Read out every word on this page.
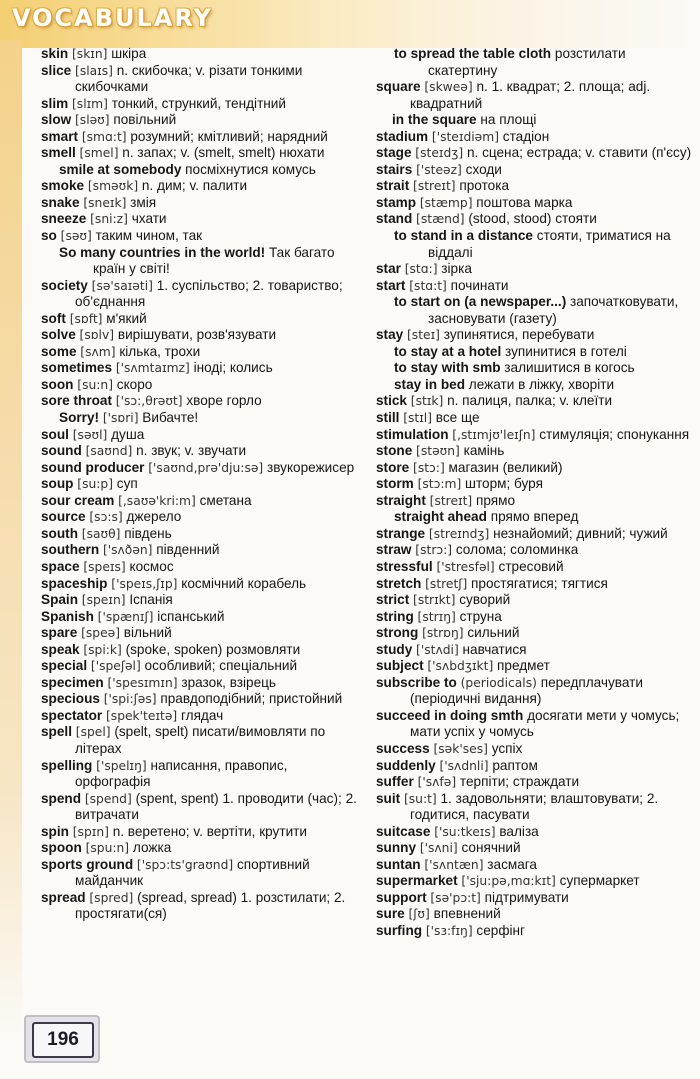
VOCABULARY

skin [skɪn] шкіра

slice [slaɪs] n. скибочка; v. різати тонкими скибочками

slim [slɪm] тонкий, стрункий, тендітний

slow [sləʊ] повільний

smart [smɑ:t] розумний; кмітливий; нарядний

smell [smel] n. запах; v. (smelt, smelt) нюхати

smile at somebody посміхнутися комусь

smoke [sməʊk] n. дим; v. палити

snake [sneɪk] змія

sneeze [sni:z] чхати

so [səʊ] таким чином, так

So many countries in the world! Так багато країн у світі!

society [sə'saɪəti] 1. суспільство; 2. товариство; об'єднання

soft [sɒft] м'який

solve [sɒlv] вирішувати, розв'язувати

some [sʌm] кілька, трохи

sometimes ['sʌmtaɪmz] іноді; колись

soon [su:n] скоро

sore throat ['sɔ:,θrəʊt] хворе горло

Sorry! ['sɒri] Вибачте!

soul [səʊl] душа

sound [saʊnd] n. звук; v. звучати

sound producer ['saʊnd,prə'dju:sə] звукорежисер

soup [su:p] суп

sour cream [,saʊə'kri:m] сметана

source [sɔ:s] джерело

south [saʊθ] південь

southern ['sʌðən] південний

space [speɪs] космос

spaceship ['speɪs,ʃɪp] космічний корабель

Spain [speɪn] Іспанія

Spanish ['spænɪʃ] іспанський

spare [speə] вільний

speak [spi:k] (spoke, spoken) розмовляти

special ['speʃəl] особливий; спеціальний

specimen ['spesɪmɪn] зразок, взірець

specious ['spi:ʃəs] правдоподібний; пристойний

spectator [spek'teɪtə] глядач

spell [spel] (spelt, spelt) писати/вимовляти по літерах

spelling ['spelɪŋ] написання, правопис, орфографія

spend [spend] (spent, spent) 1. проводити (час); 2. витрачати

spin [spɪn] n. веретено; v. вертіти, крутити

spoon [spu:n] ложка

sports ground ['spɔ:ts'graʊnd] спортивний майданчик

spread [spred] (spread, spread) 1. розстилати; 2. простягати(ся)

to spread the table cloth розстилати скатертину

square [skweə] n. 1. квадрат; 2. площа; adj. квадратний

in the square на площі

stadium ['steɪdiəm] стадіон

stage [steɪdʒ] n. сцена; естрада; v. ставити (п'єсу)

stairs ['steəz] сходи

strait [streɪt] протока

stamp [stæmp] поштова марка

stand [stænd] (stood, stood) стояти

to stand in a distance стояти, триматися на віддалі

star [stɑ:] зірка

start [stɑ:t] починати

to start on (a newspaper...) започатковувати, засновувати (газету)

stay [steɪ] зупинятися, перебувати

to stay at a hotel зупинитися в готелі

to stay with smb залишитися в когось

stay in bed лежати в ліжку, хворіти

stick [stɪk] n. палиця, палка; v. клеїти

still [stɪl] все ще

stimulation [,stɪmjʊ'leɪʃn] стимуляція; спонукання

stone [stəʊn] камінь

store [stɔ:] магазин (великий)

storm [stɔ:m] шторм; буря

straight [streɪt] прямо

straight ahead прямо вперед

strange [streɪndʒ] незнайомий; дивний; чужий

straw [strɔ:] солома; соломинка

stressful ['stresfəl] стресовий

stretch [stretʃ] простягатися; тягтися

strict [strɪkt] суворий

string [strɪŋ] струна

strong [strɒŋ] сильний

study ['stʌdi] навчатися

subject ['sʌbdʒɪkt] предмет

subscribe to (periodicals) передплачувати (періодичні видання)

succeed in doing smth досягати мети у чомусь; мати успіх у чомусь

success [sək'ses] успіх

suddenly ['sʌdnli] раптом

suffer ['sʌfə] терпіти; страждати

suit [su:t] 1. задовольняти; влаштовувати; 2. годитися, пасувати

suitcase ['su:tkeɪs] валіза

sunny ['sʌni] сонячний

suntan ['sʌntæn] засмага

supermarket ['sju:pə,mɑ:kɪt] супермаркет

support [sə'pɔ:t] підтримувати

sure [ʃʊ] впевнений

surfing ['sɜ:fɪŋ] серфінг

196
